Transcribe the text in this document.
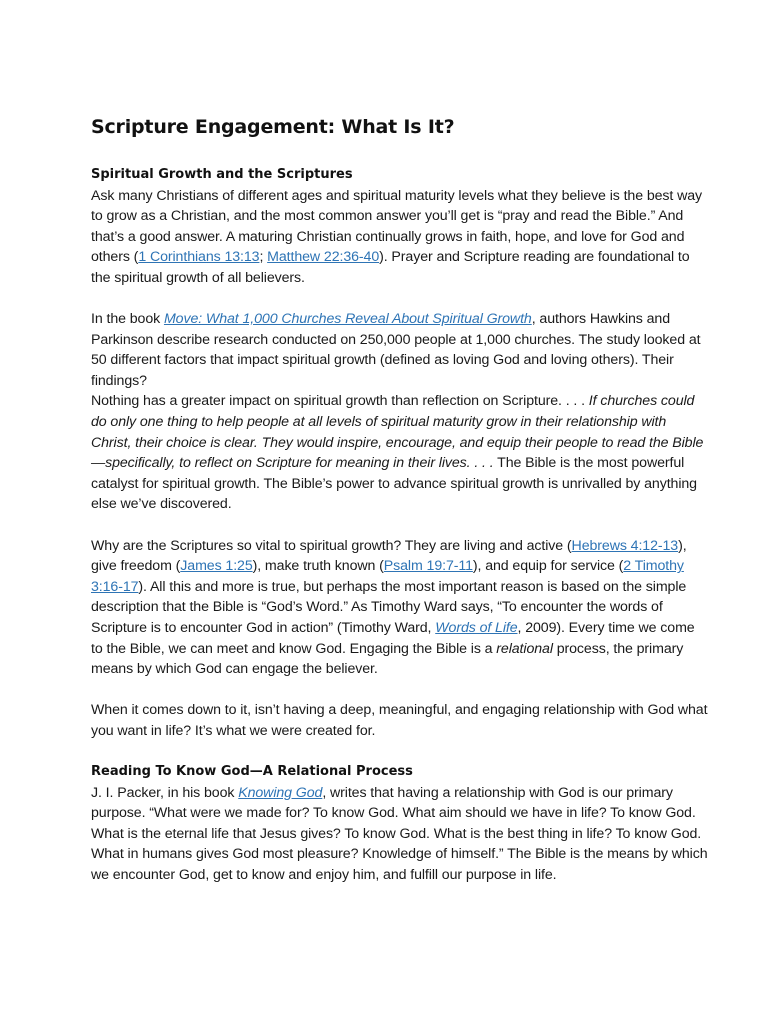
Scripture Engagement: What Is It?
Spiritual Growth and the Scriptures

Ask many Christians of different ages and spiritual maturity levels what they believe is the best way to grow as a Christian, and the most common answer you’ll get is “pray and read the Bible.” And that’s a good answer. A maturing Christian continually grows in faith, hope, and love for God and others (1 Corinthians 13:13; Matthew 22:36-40). Prayer and Scripture reading are foundational to the spiritual growth of all believers.

In the book Move: What 1,000 Churches Reveal About Spiritual Growth, authors Hawkins and Parkinson describe research conducted on 250,000 people at 1,000 churches. The study looked at 50 different factors that impact spiritual growth (defined as loving God and loving others). Their findings?

Nothing has a greater impact on spiritual growth than reflection on Scripture. . . . If churches could do only one thing to help people at all levels of spiritual maturity grow in their relationship with Christ, their choice is clear. They would inspire, encourage, and equip their people to read the Bible—specifically, to reflect on Scripture for meaning in their lives. . . . The Bible is the most powerful catalyst for spiritual growth. The Bible’s power to advance spiritual growth is unrivalled by anything else we’ve discovered.

Why are the Scriptures so vital to spiritual growth? They are living and active (Hebrews 4:12-13), give freedom (James 1:25), make truth known (Psalm 19:7-11), and equip for service (2 Timothy 3:16-17). All this and more is true, but perhaps the most important reason is based on the simple description that the Bible is “God’s Word.” As Timothy Ward says, “To encounter the words of Scripture is to encounter God in action” (Timothy Ward, Words of Life, 2009). Every time we come to the Bible, we can meet and know God. Engaging the Bible is a relational process, the primary means by which God can engage the believer.

When it comes down to it, isn’t having a deep, meaningful, and engaging relationship with God what you want in life? It’s what we were created for.

Reading To Know God—A Relational Process

J. I. Packer, in his book Knowing God, writes that having a relationship with God is our primary purpose. “What were we made for? To know God. What aim should we have in life? To know God. What is the eternal life that Jesus gives? To know God. What is the best thing in life? To know God. What in humans gives God most pleasure? Knowledge of himself.” The Bible is the means by which we encounter God, get to know and enjoy him, and fulfill our purpose in life.
